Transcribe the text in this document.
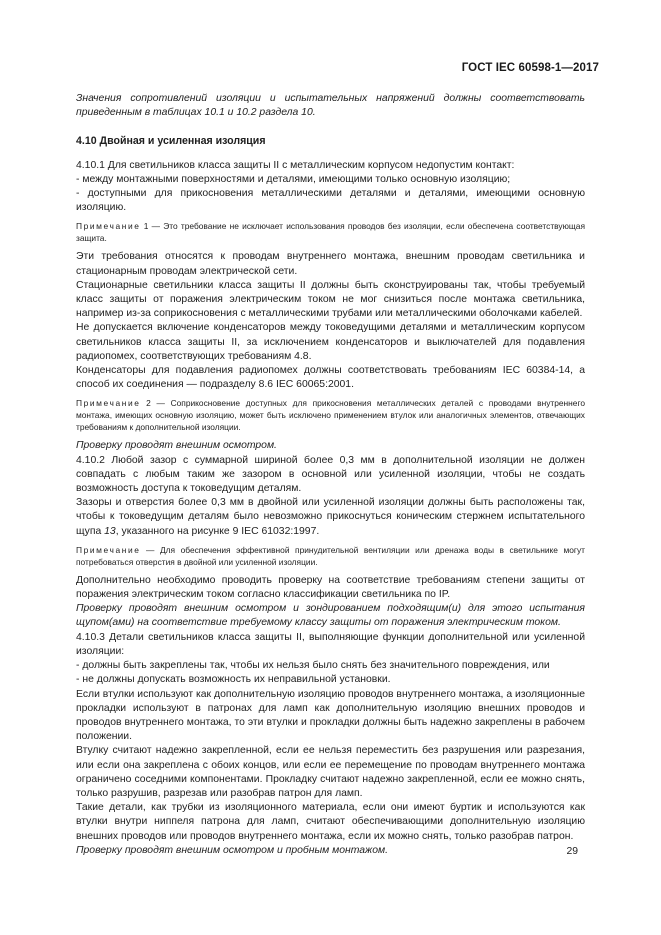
ГОСТ IEC 60598-1—2017

Значения сопротивлений изоляции и испытательных напряжений должны соответствовать приведенным в таблицах 10.1 и 10.2 раздела 10.

4.10 Двойная и усиленная изоляция

4.10.1 Для светильников класса защиты II с металлическим корпусом недопустим контакт:

- между монтажными поверхностями и деталями, имеющими только основную изоляцию;

- доступными для прикосновения металлическими деталями и деталями, имеющими основную изоляцию.

Примечание 1 — Это требование не исключает использования проводов без изоляции, если обеспечена соответствующая защита.

Эти требования относятся к проводам внутреннего монтажа, внешним проводам светильника и стационарным проводам электрической сети.

Стационарные светильники класса защиты II должны быть сконструированы так, чтобы требуемый класс защиты от поражения электрическим током не мог снизиться после монтажа светильника, например из-за соприкосновения с металлическими трубами или металлическими оболочками кабелей.

Не допускается включение конденсаторов между токоведущими деталями и металлическим корпусом светильников класса защиты II, за исключением конденсаторов и выключателей для подавления радиопомех, соответствующих требованиям 4.8.

Конденсаторы для подавления радиопомех должны соответствовать требованиям IEC 60384-14, а способ их соединения — подразделу 8.6 IEC 60065:2001.

Примечание 2 — Соприкосновение доступных для прикосновения металлических деталей с проводами внутреннего монтажа, имеющих основную изоляцию, может быть исключено применением втулок или аналогичных элементов, отвечающих требованиям к дополнительной изоляции.

Проверку проводят внешним осмотром.

4.10.2 Любой зазор с суммарной шириной более 0,3 мм в дополнительной изоляции не должен совпадать с любым таким же зазором в основной или усиленной изоляции, чтобы не создать возможность доступа к токоведущим деталям.

Зазоры и отверстия более 0,3 мм в двойной или усиленной изоляции должны быть расположены так, чтобы к токоведущим деталям было невозможно прикоснуться коническим стержнем испытательного щупа 13, указанного на рисунке 9 IEC 61032:1997.

Примечание — Для обеспечения эффективной принудительной вентиляции или дренажа воды в светильнике могут потребоваться отверстия в двойной или усиленной изоляции.

Дополнительно необходимо проводить проверку на соответствие требованиям степени защиты от поражения электрическим током согласно классификации светильника по IP.

Проверку проводят внешним осмотром и зондированием подходящим(и) для этого испытания щупом(ами) на соответствие требуемому классу защиты от поражения электрическим током.

4.10.3 Детали светильников класса защиты II, выполняющие функции дополнительной или усиленной изоляции:

- должны быть закреплены так, чтобы их нельзя было снять без значительного повреждения, или

- не должны допускать возможность их неправильной установки.

Если втулки используют как дополнительную изоляцию проводов внутреннего монтажа, а изоляционные прокладки используют в патронах для ламп как дополнительную изоляцию внешних проводов и проводов внутреннего монтажа, то эти втулки и прокладки должны быть надежно закреплены в рабочем положении.

Втулку считают надежно закрепленной, если ее нельзя переместить без разрушения или разрезания, или если она закреплена с обоих концов, или если ее перемещение по проводам внутреннего монтажа ограничено соседними компонентами. Прокладку считают надежно закрепленной, если ее можно снять, только разрушив, разрезав или разобрав патрон для ламп.

Такие детали, как трубки из изоляционного материала, если они имеют буртик и используются как втулки внутри ниппеля патрона для ламп, считают обеспечивающими дополнительную изоляцию внешних проводов или проводов внутреннего монтажа, если их можно снять, только разобрав патрон.

Проверку проводят внешним осмотром и пробным монтажом.	29
